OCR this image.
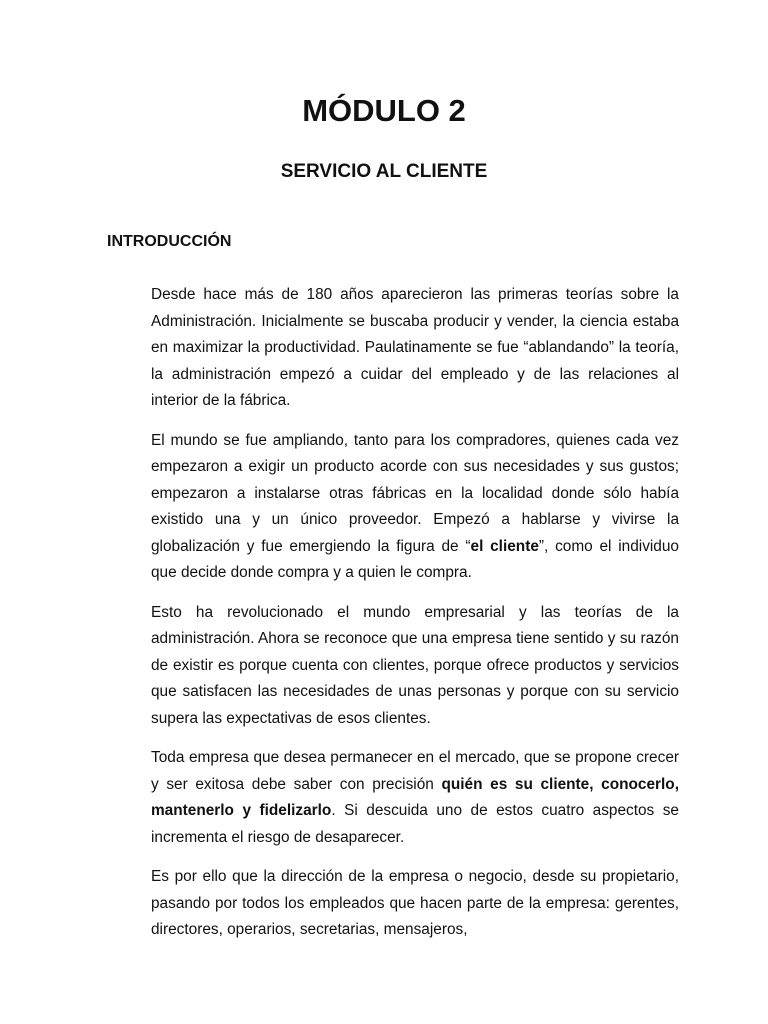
MÓDULO 2
SERVICIO AL CLIENTE
INTRODUCCIÓN

Desde hace más de 180 años aparecieron las primeras teorías sobre la Administración. Inicialmente se buscaba producir y vender, la ciencia estaba en maximizar la productividad. Paulatinamente se fue “ablandando” la teoría, la administración empezó a cuidar del empleado y de las relaciones al interior de la fábrica.

El mundo se fue ampliando, tanto para los compradores, quienes cada vez empezaron a exigir un producto acorde con sus necesidades y sus gustos; empezaron a instalarse otras fábricas en la localidad donde sólo había existido una y un único proveedor. Empezó a hablarse y vivirse la globalización y fue emergiendo la figura de “el cliente”, como el individuo que decide donde compra y a quien le compra.

Esto ha revolucionado el mundo empresarial y las teorías de la administración. Ahora se reconoce que una empresa tiene sentido y su razón de existir es porque cuenta con clientes, porque ofrece productos y servicios que satisfacen las necesidades de unas personas y porque con su servicio supera las expectativas de esos clientes.

Toda empresa que desea permanecer en el mercado, que se propone crecer y ser exitosa debe saber con precisión quién es su cliente, conocerlo, mantenerlo y fidelizarlo. Si descuida uno de estos cuatro aspectos se incrementa el riesgo de desaparecer.

Es por ello que la dirección de la empresa o negocio, desde su propietario, pasando por todos los empleados que hacen parte de la empresa: gerentes, directores, operarios, secretarias, mensajeros,
